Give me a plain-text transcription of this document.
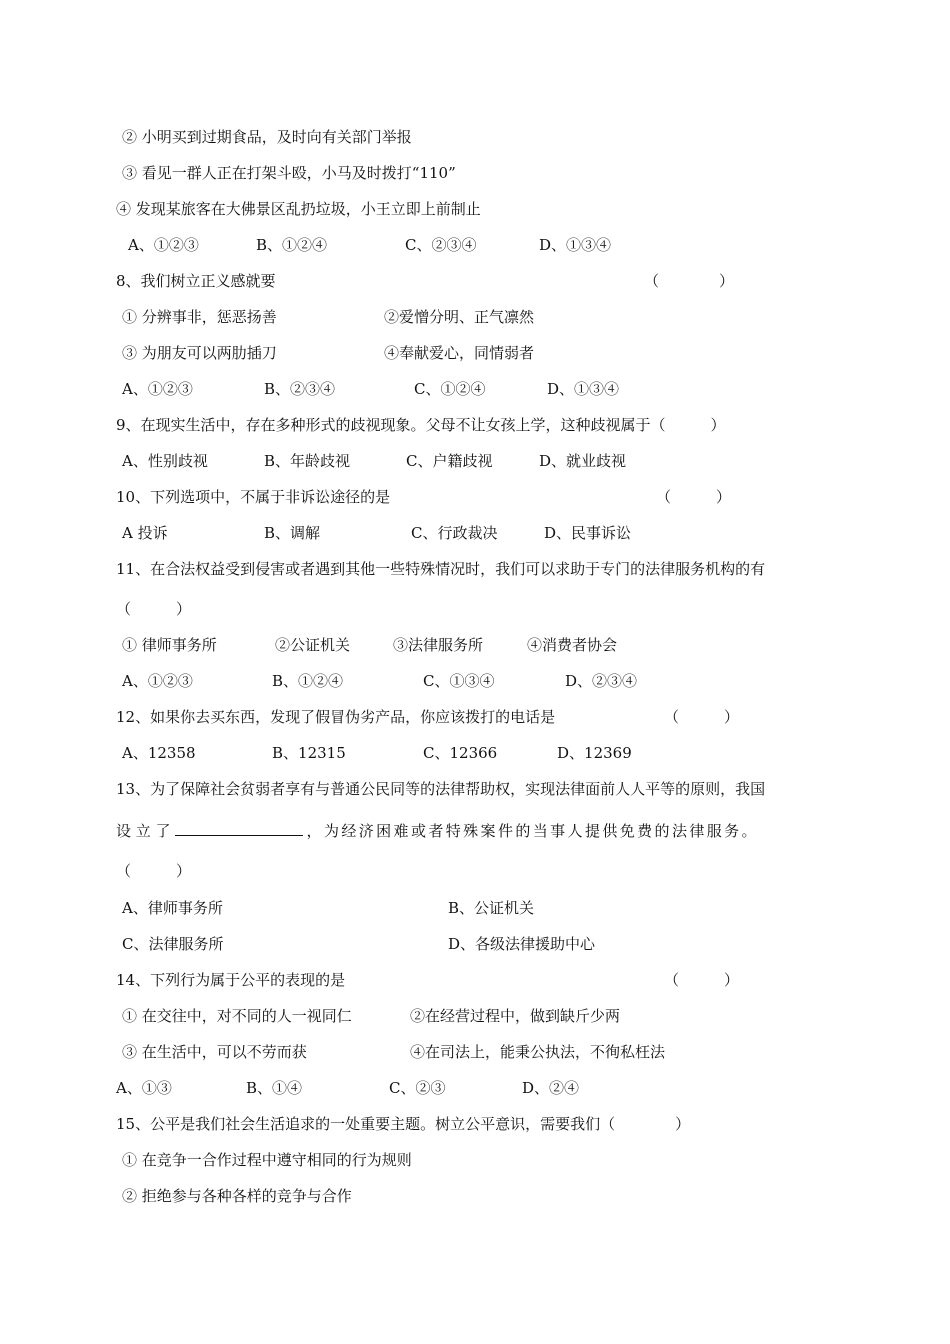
② 小明买到过期食品，及时向有关部门举报
③ 看见一群人正在打架斗殴，小马及时拨打“110”
④ 发现某旅客在大佛景区乱扔垃圾，小王立即上前制止
A、①②③	B、①②④	C、②③④	D、①③④
8、我们树立正义感就要	（　　　　）
① 分辨事非，惩恶扬善	②爱憎分明、正气凛然
③ 为朋友可以两肋插刀	④奉献爱心，同情弱者
A、①②③	B、②③④	C、①②④	D、①③④
9、在现实生活中，存在多种形式的歧视现象。父母不让女孩上学，这种歧视属于（　　　）
A、性别歧视	B、年龄歧视	C、户籍歧视	D、就业歧视
10、下列选项中，不属于非诉讼途径的是	（　　　）
A 投诉	B、调解	C、行政裁决	D、民事诉讼
11、在合法权益受到侵害或者遇到其他一些特殊情况时，我们可以求助于专门的法律服务机构的有
（　　　）
① 律师事务所	②公证机关	③法律服务所	④消费者协会
A、①②③	B、①②④	C、①③④	D、②③④
12、如果你去买东西，发现了假冒伪劣产品，你应该拨打的电话是	（　　　）
A、12358	B、12315	C、12366	D、12369
13、为了保障社会贫弱者享有与普通公民同等的法律帮助权，实现法律面前人人平等的原则，我国
设 立 了	，为经济困难或者特殊案件的当事人提供免费的法律服务。
（　　　）
A、律师事务所	B、公证机关
C、法律服务所	D、各级法律援助中心
14、下列行为属于公平的表现的是	（　　　）
① 在交往中，对不同的人一视同仁	②在经营过程中，做到缺斤少两
③ 在生活中，可以不劳而获	④在司法上，能秉公执法，不徇私枉法
A、①③	B、①④	C、②③	D、②④
15、公平是我们社会生活追求的一处重要主题。树立公平意识，需要我们（　　　　）
① 在竞争一合作过程中遵守相同的行为规则
② 拒绝参与各种各样的竞争与合作
